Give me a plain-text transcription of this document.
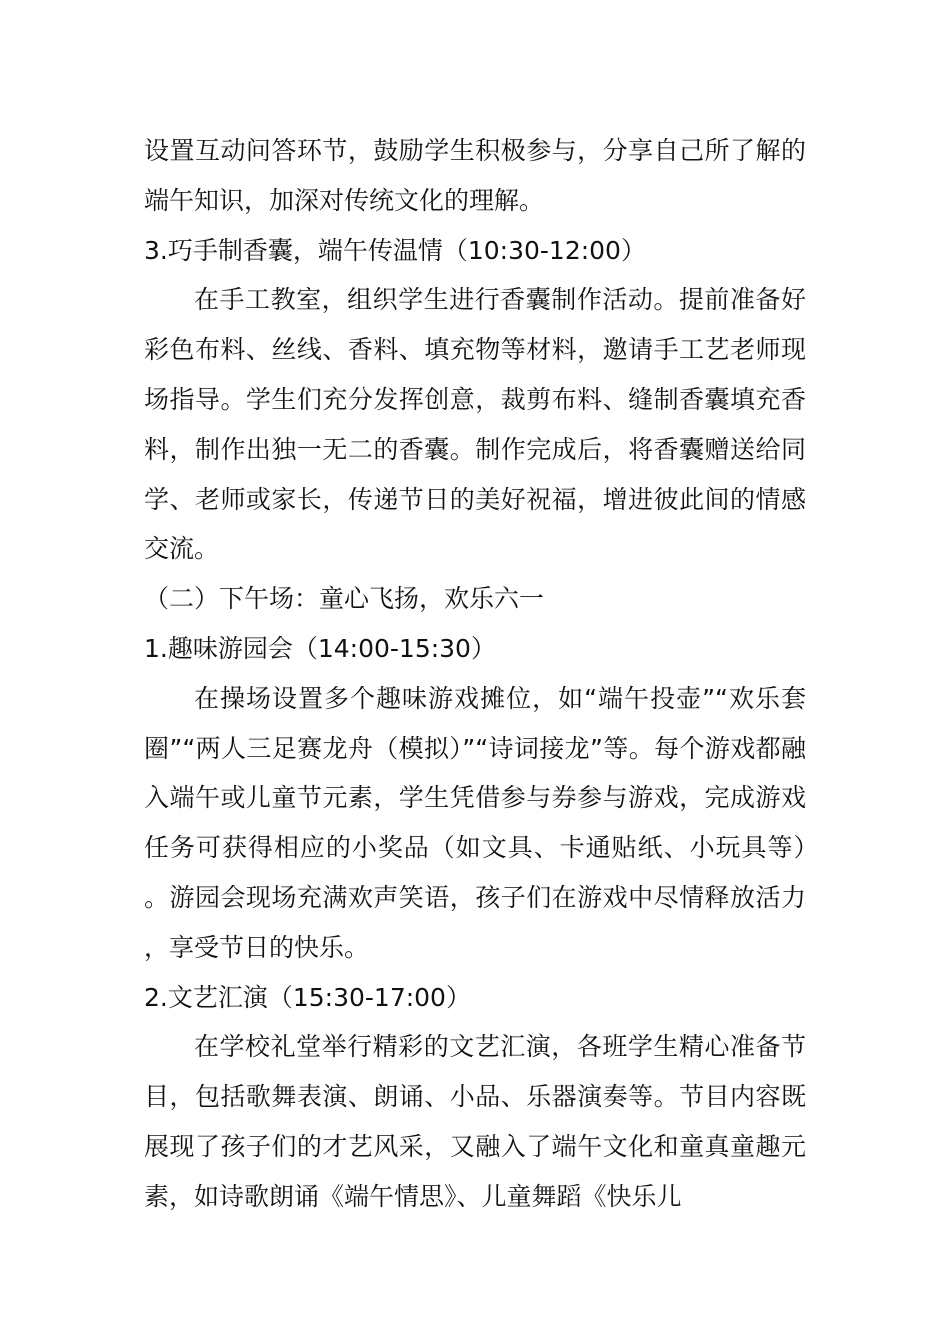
设置互动问答环节，鼓励学生积极参与，分享自己所了解的端午知识，加深对传统文化的理解。

3.巧手制香囊，端午传温情（10:30-12:00）

在手工教室，组织学生进行香囊制作活动。提前准备好彩色布料、丝线、香料、填充物等材料，邀请手工艺老师现场指导。学生们充分发挥创意，裁剪布料、缝制香囊填充香料，制作出独一无二的香囊。制作完成后，将香囊赠送给同学、老师或家长，传递节日的美好祝福，增进彼此间的情感交流。

（二）下午场：童心飞扬，欢乐六一

1.趣味游园会（14:00-15:30）

在操场设置多个趣味游戏摊位，如“端午投壶”“欢乐套圈”“两人三足赛龙舟（模拟）”“诗词接龙”等。每个游戏都融入端午或儿童节元素，学生凭借参与券参与游戏，完成游戏任务可获得相应的小奖品（如文具、卡通贴纸、小玩具等）。游园会现场充满欢声笑语，孩子们在游戏中尽情释放活力，享受节日的快乐。

2.文艺汇演（15:30-17:00）

在学校礼堂举行精彩的文艺汇演，各班学生精心准备节目，包括歌舞表演、朗诵、小品、乐器演奏等。节目内容既展现了孩子们的才艺风采，又融入了端午文化和童真童趣元素，如诗歌朗诵《端午情思》、儿童舞蹈《快乐儿
